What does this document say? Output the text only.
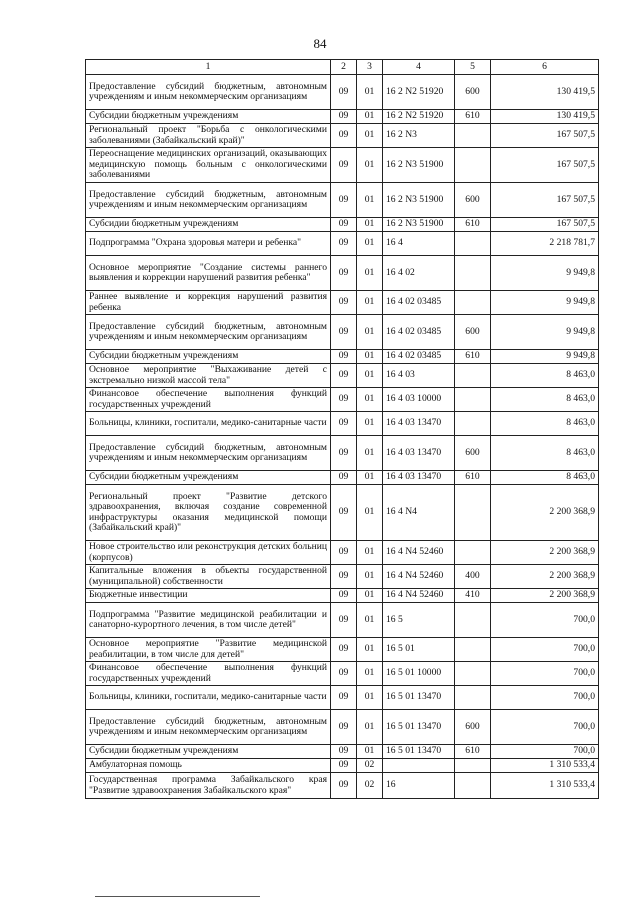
84
1	2	3	4	5	6
Предоставление субсидий бюджетным, автономным учреждениям и иным некоммерческим организациям	09	01	16 2 N2 51920	600	130 419,5
Субсидии бюджетным учреждениям	09	01	16 2 N2 51920	610	130 419,5
Региональный проект "Борьба с онкологическими заболеваниями (Забайкальский край)"	09	01	16 2 N3		167 507,5
Переоснащение медицинских организаций, оказывающих медицинскую помощь больным с онкологическими заболеваниями	09	01	16 2 N3 51900		167 507,5
Предоставление субсидий бюджетным, автономным учреждениям и иным некоммерческим организациям	09	01	16 2 N3 51900	600	167 507,5
Субсидии бюджетным учреждениям	09	01	16 2 N3 51900	610	167 507,5
Подпрограмма "Охрана здоровья матери и ребенка"	09	01	16 4		2 218 781,7
Основное мероприятие "Создание системы раннего выявления и коррекции нарушений развития ребенка"	09	01	16 4 02		9 949,8
Раннее выявление и коррекция нарушений развития ребенка	09	01	16 4 02 03485		9 949,8
Предоставление субсидий бюджетным, автономным учреждениям и иным некоммерческим организациям	09	01	16 4 02 03485	600	9 949,8
Субсидии бюджетным учреждениям	09	01	16 4 02 03485	610	9 949,8
Основное мероприятие "Выхаживание детей с экстремально низкой массой тела"	09	01	16 4 03		8 463,0
Финансовое обеспечение выполнения функций государственных учреждений	09	01	16 4 03 10000		8 463,0
Больницы, клиники, госпитали, медико-санитарные части	09	01	16 4 03 13470		8 463,0
Предоставление субсидий бюджетным, автономным учреждениям и иным некоммерческим организациям	09	01	16 4 03 13470	600	8 463,0
Субсидии бюджетным учреждениям	09	01	16 4 03 13470	610	8 463,0
Региональный проект "Развитие детского здравоохранения, включая создание современной инфраструктуры оказания медицинской помощи (Забайкальский край)"	09	01	16 4 N4		2 200 368,9
Новое строительство или реконструкция детских больниц (корпусов)	09	01	16 4 N4 52460		2 200 368,9
Капитальные вложения в объекты государственной (муниципальной) собственности	09	01	16 4 N4 52460	400	2 200 368,9
Бюджетные инвестиции	09	01	16 4 N4 52460	410	2 200 368,9
Подпрограмма "Развитие медицинской реабилитации и санаторно-курортного лечения, в том числе детей"	09	01	16 5		700,0
Основное мероприятие "Развитие медицинской реабилитации, в том числе для детей"	09	01	16 5 01		700,0
Финансовое обеспечение выполнения функций государственных учреждений	09	01	16 5 01 10000		700,0
Больницы, клиники, госпитали, медико-санитарные части	09	01	16 5 01 13470		700,0
Предоставление субсидий бюджетным, автономным учреждениям и иным некоммерческим организациям	09	01	16 5 01 13470	600	700,0
Субсидии бюджетным учреждениям	09	01	16 5 01 13470	610	700,0
Амбулаторная помощь	09	02			1 310 533,4
Государственная программа Забайкальского края "Развитие здравоохранения Забайкальского края"	09	02	16		1 310 533,4
